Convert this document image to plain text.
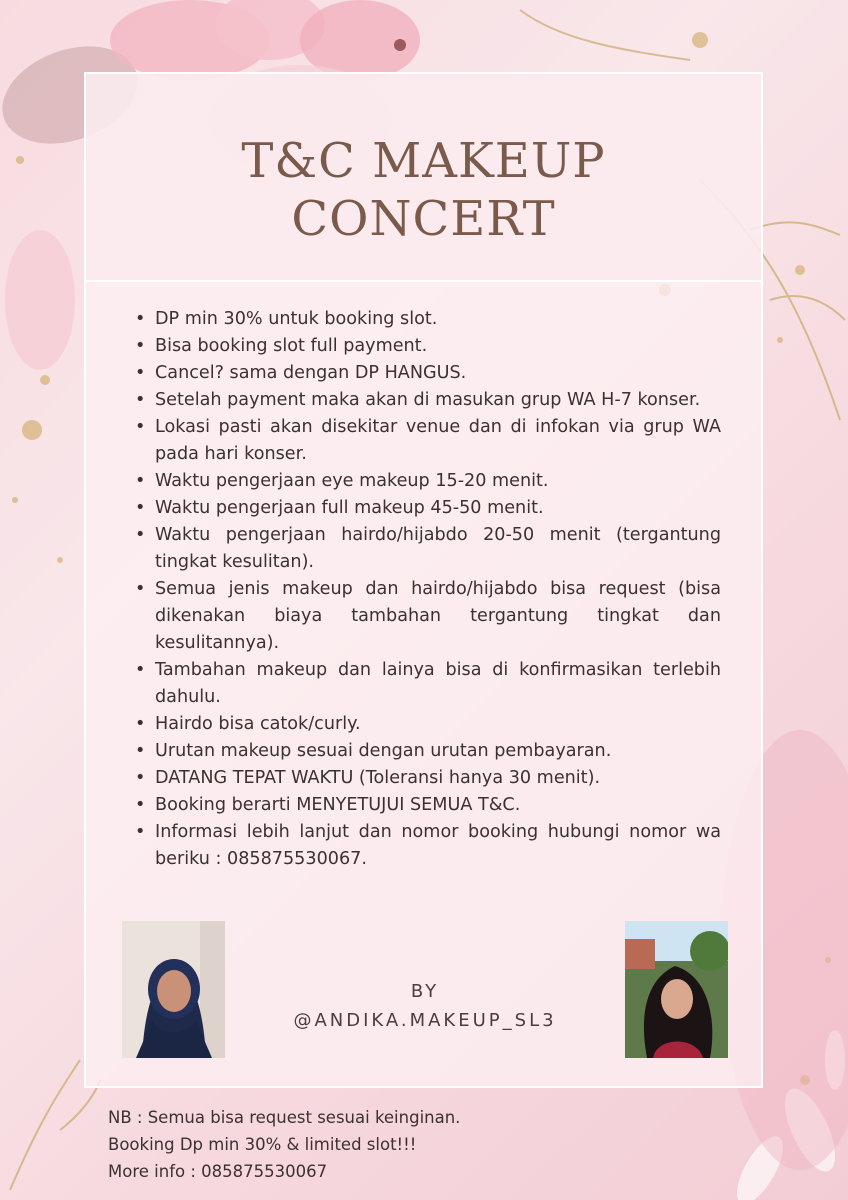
T&C MAKEUP
CONCERT
• DP min 30% untuk booking slot.
• Bisa booking slot full payment.
• Cancel? sama dengan DP HANGUS.
• Setelah payment maka akan di masukan grup WA H-7 konser.
• Lokasi pasti akan disekitar venue dan di infokan via grup WA pada hari konser.
• Waktu pengerjaan eye makeup 15-20 menit.
• Waktu pengerjaan full makeup 45-50 menit.
• Waktu pengerjaan hairdo/hijabdo 20-50 menit (tergantung tingkat kesulitan).
• Semua jenis makeup dan hairdo/hijabdo bisa request (bisa dikenakan biaya tambahan tergantung tingkat dan kesulitannya).
• Tambahan makeup dan lainya bisa di konfirmasikan terlebih dahulu.
• Hairdo bisa catok/curly.
• Urutan makeup sesuai dengan urutan pembayaran.
• DATANG TEPAT WAKTU (Toleransi hanya 30 menit).
• Booking berarti MENYETUJUI SEMUA T&C.
• Informasi lebih lanjut dan nomor booking hubungi nomor wa beriku : 085875530067.
BY
@ANDIKA.MAKEUP_SL3
NB : Semua bisa request sesuai keinginan.
Booking Dp min 30% & limited slot!!!
More info : 085875530067
